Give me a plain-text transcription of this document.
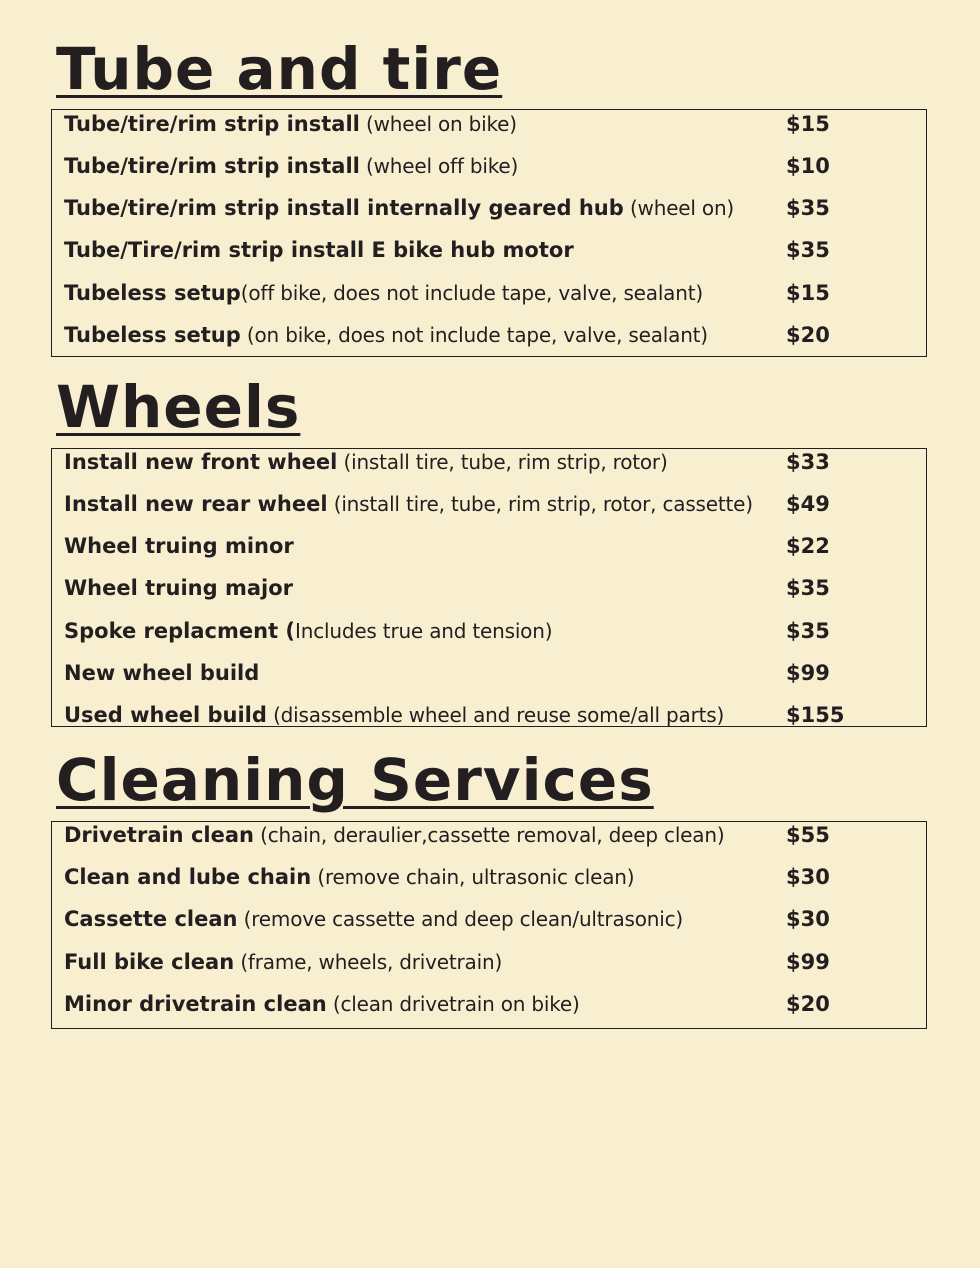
Tube and tire
Tube/tire/rim strip install (wheel on bike)	$15
Tube/tire/rim strip install (wheel off bike)	$10
Tube/tire/rim strip install internally geared hub (wheel on) $35
Tube/Tire/rim strip install E bike hub motor	$35
Tubeless setup(off bike, does not include tape, valve, sealant)	$15
Tubeless setup (on bike, does not include tape, valve, sealant)	$20
Wheels
Install new front wheel (install tire, tube, rim strip, rotor)	$33
Install new rear wheel (install tire, tube, rim strip, rotor, cassette) $49
Wheel truing minor	$22
Wheel truing major	$35
Spoke replacment (Includes true and tension)	$35
New wheel build	$99
Used wheel build (disassemble wheel and reuse some/all parts)	$155
Cleaning Services
Drivetrain clean (chain, deraulier,cassette removal, deep clean)	$55
Clean and lube chain (remove chain, ultrasonic clean)	$30
Cassette clean (remove cassette and deep clean/ultrasonic)	$30
Full bike clean (frame, wheels, drivetrain)	$99
Minor drivetrain clean (clean drivetrain on bike)	$20
